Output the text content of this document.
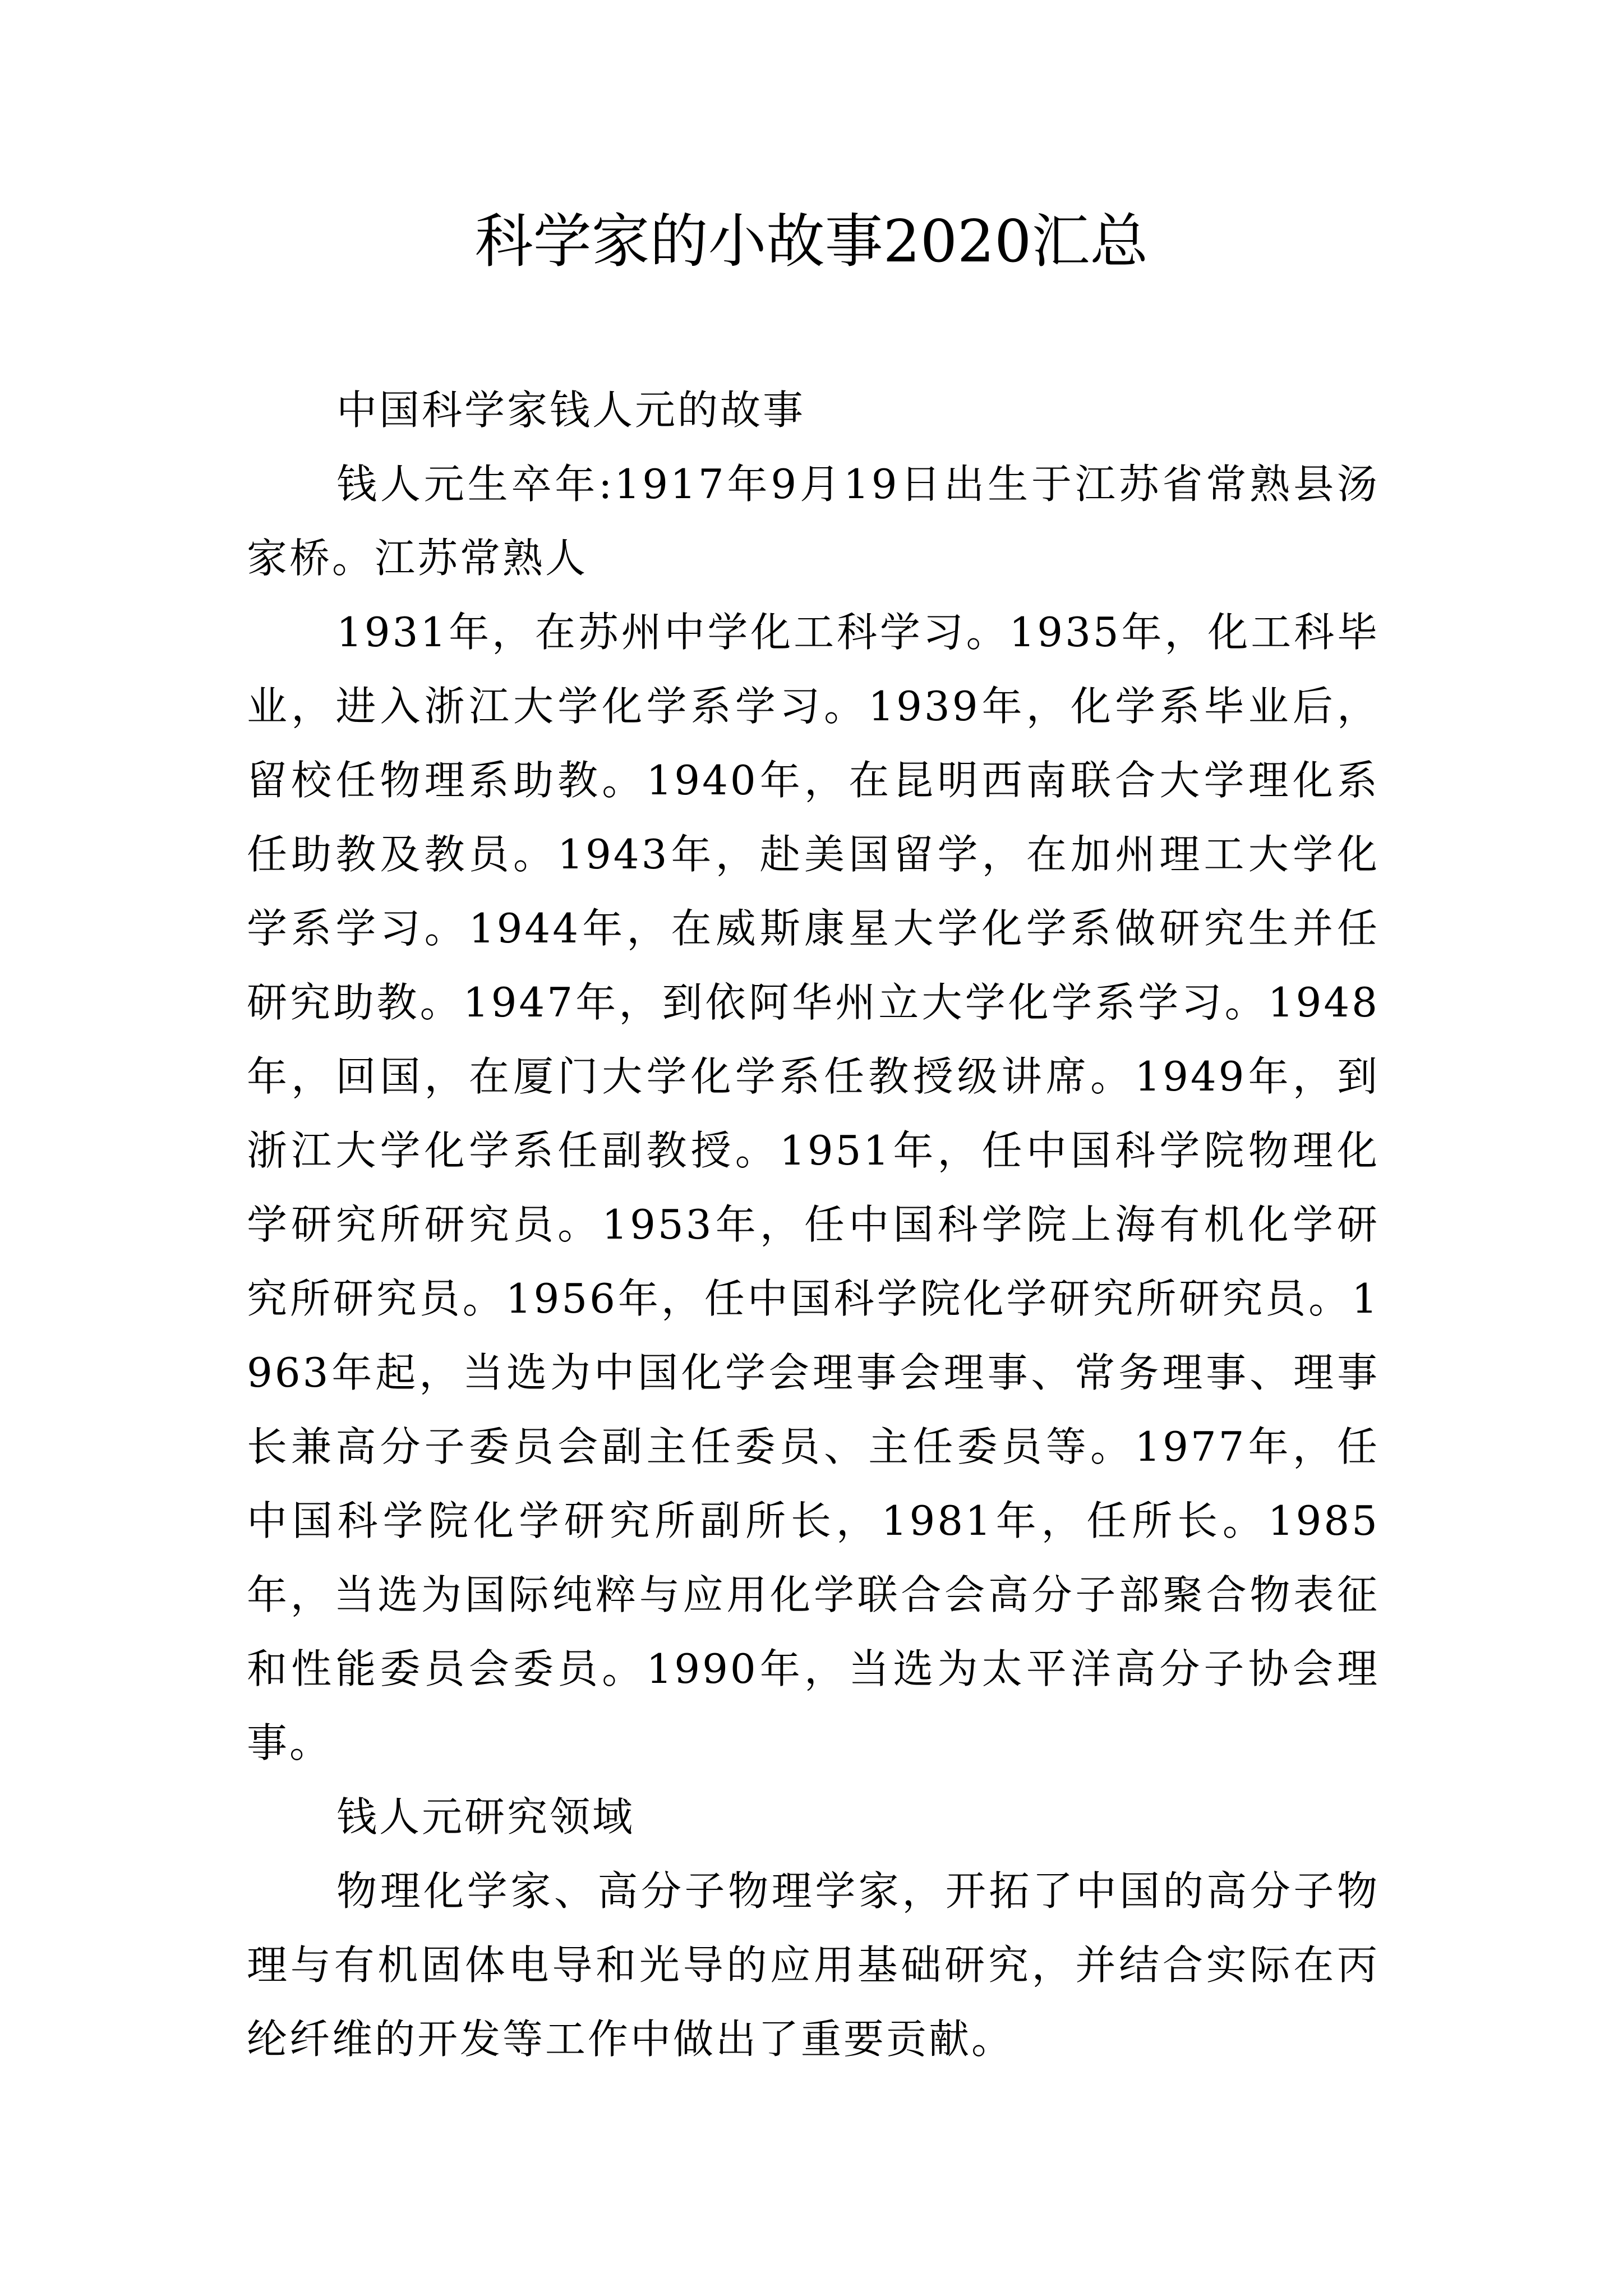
科学家的小故事2020汇总

中国科学家钱人元的故事

钱人元生卒年:1917年9月19日出生于江苏省常熟县汤家桥。江苏常熟人

1931年，在苏州中学化工科学习。1935年，化工科毕业，进入浙江大学化学系学习。1939年，化学系毕业后，留校任物理系助教。1940年，在昆明西南联合大学理化系任助教及教员。1943年，赴美国留学，在加州理工大学化学系学习。1944年，在威斯康星大学化学系做研究生并任研究助教。1947年，到依阿华州立大学化学系学习。1948年，回国，在厦门大学化学系任教授级讲席。1949年，到浙江大学化学系任副教授。1951年，任中国科学院物理化学研究所研究员。1953年，任中国科学院上海有机化学研究所研究员。1956年，任中国科学院化学研究所研究员。1963年起，当选为中国化学会理事会理事、常务理事、理事长兼高分子委员会副主任委员、主任委员等。1977年，任中国科学院化学研究所副所长，1981年，任所长。1985年，当选为国际纯粹与应用化学联合会高分子部聚合物表征和性能委员会委员。1990年，当选为太平洋高分子协会理事。

钱人元研究领域

物理化学家、高分子物理学家，开拓了中国的高分子物理与有机固体电导和光导的应用基础研究，并结合实际在丙纶纤维的开发等工作中做出了重要贡献。
